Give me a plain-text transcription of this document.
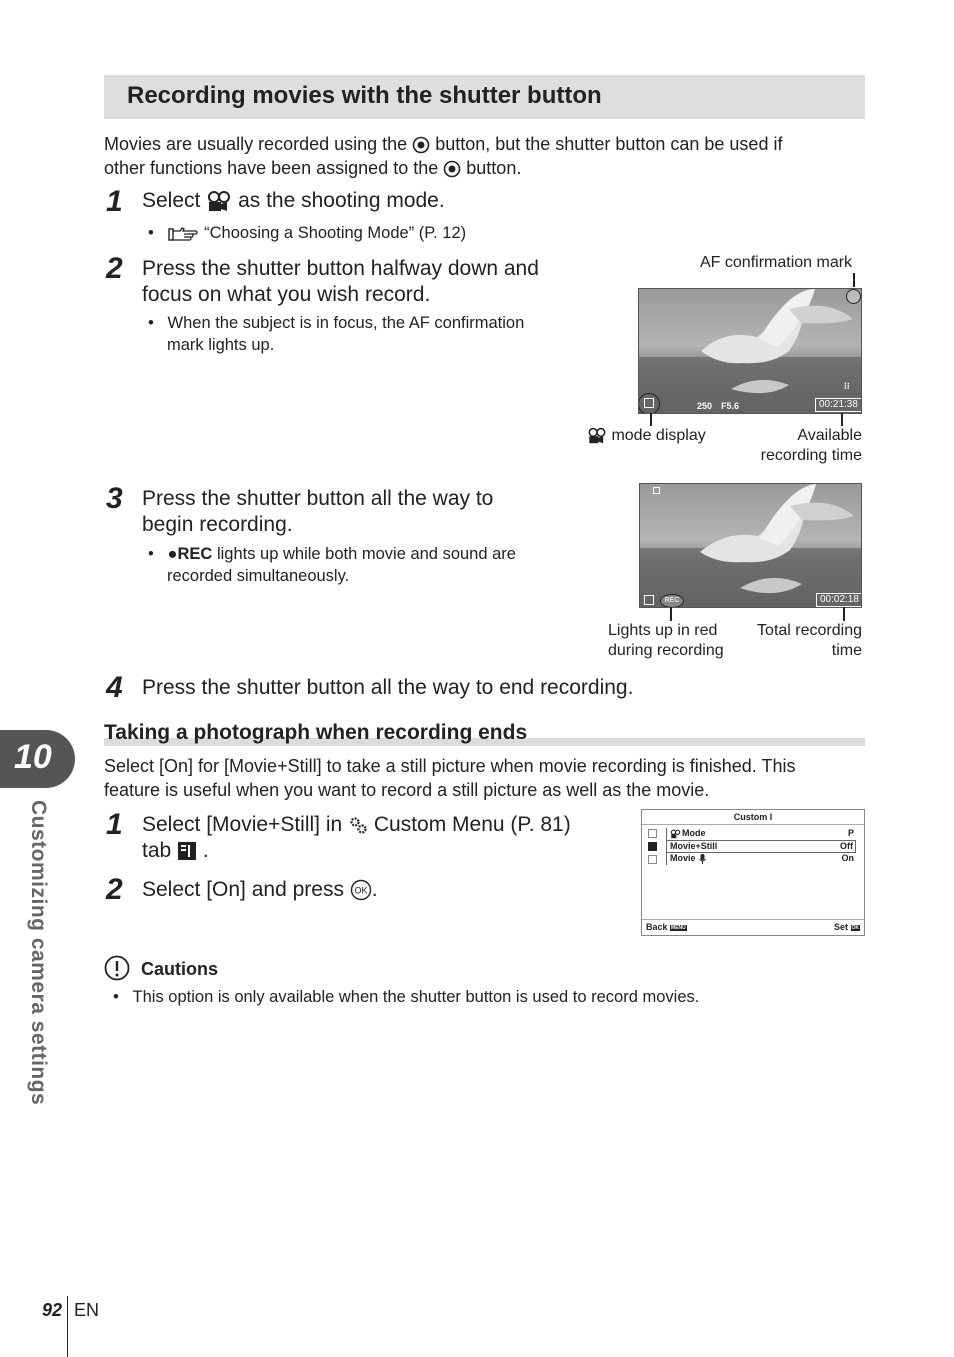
Recording movies with the shutter button
Movies are usually recorded using the button, but the shutter button can be used if
other functions have been assigned to the button.
1 Select as the shooting mode.
•    “Choosing a Shooting Mode” (P. 12)
2 Press the shutter button halfway down and
focus on what you wish record.
•   When the subject is in focus, the AF confirmation
mark lights up.
AF confirmation mark
250 F5.6
⁝⁝
00:21:38
mode display	Available
recording time
3 Press the shutter button all the way to
begin recording.
•   ●REC lights up while both movie and sound are
recorded simultaneously.
REC	00:02:18
Lights up in red
during recording
Total recording
time
4 Press the shutter button all the way to end recording.
Taking a photograph when recording ends
Select [On] for [Movie+Still] to take a still picture when movie recording is finished. This
feature is useful when you want to record a still picture as well as the movie.
1 Select [Movie+Still] in Custom Menu (P. 81)
tab .
2 Select [On] and press OK .
Custom I
Mode	P
Movie+Still	Off
Movie	On
Back MENU	Set OK
Cautions
•   This option is only available when the shutter button is used to record movies.
10
Customizing camera settings
92 EN
